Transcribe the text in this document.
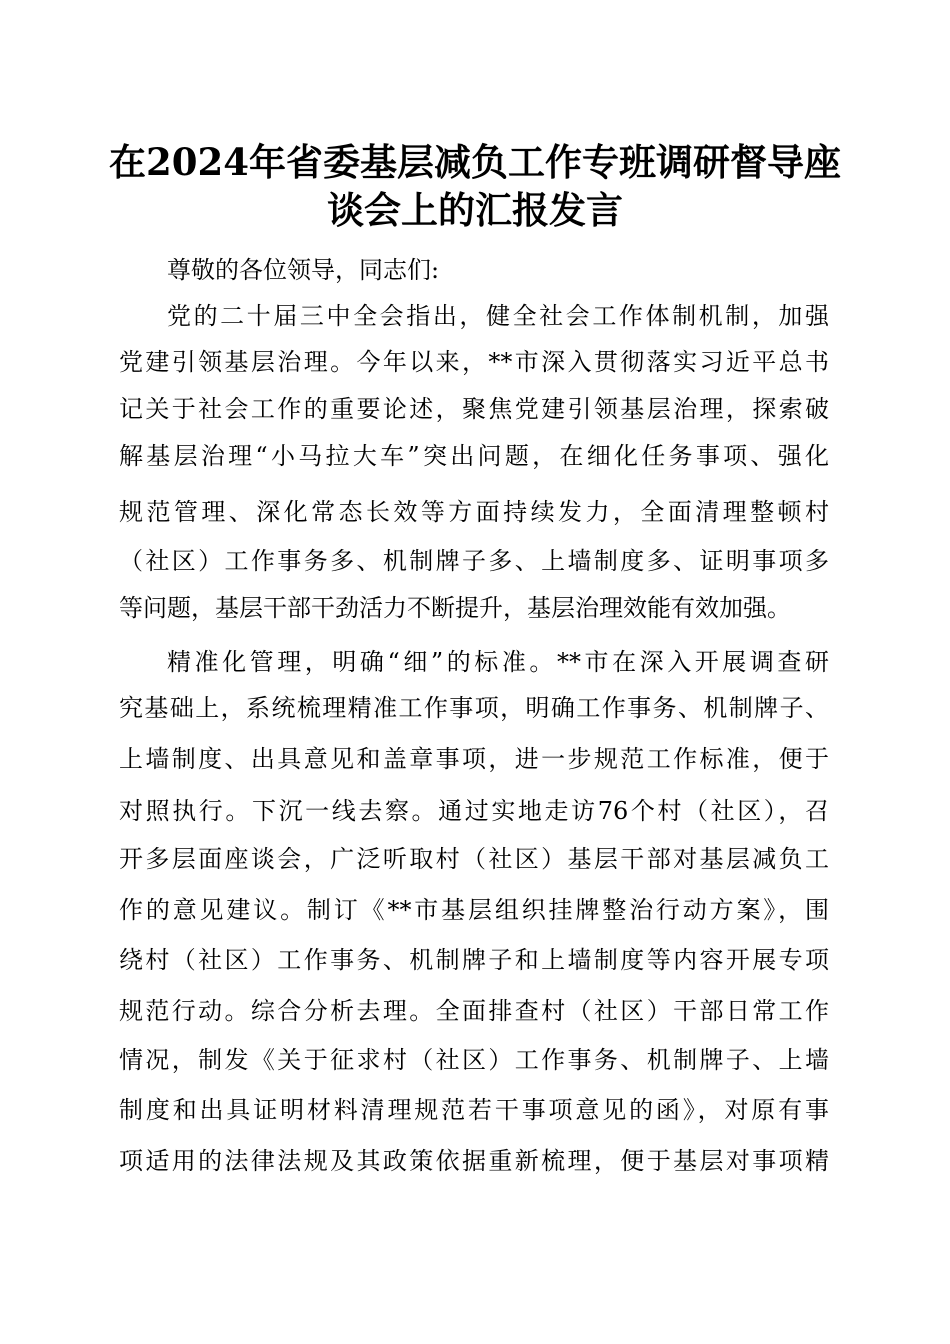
在2024年省委基层减负工作专班调研督导座
谈会上的汇报发言
尊敬的各位领导，同志们:
党的二十届三中全会指出，健全社会工作体制机制，加强
党建引领基层治理。今年以来，**市深入贯彻落实习近平总书
记关于社会工作的重要论述，聚焦党建引领基层治理，探索破
解基层治理“小马拉大车”突出问题，在细化任务事项、强化
规范管理、深化常态长效等方面持续发力，全面清理整顿村
（社区）工作事务多、机制牌子多、上墙制度多、证明事项多
等问题，基层干部干劲活力不断提升，基层治理效能有效加强。
精准化管理，明确“细”的标准。**市在深入开展调查研
究基础上，系统梳理精准工作事项，明确工作事务、机制牌子、
上墙制度、出具意见和盖章事项，进一步规范工作标准，便于
对照执行。下沉一线去察。通过实地走访76个村（社区），召
开多层面座谈会，广泛听取村（社区）基层干部对基层减负工
作的意见建议。制订《**市基层组织挂牌整治行动方案》，围
绕村（社区）工作事务、机制牌子和上墙制度等内容开展专项
规范行动。综合分析去理。全面排查村（社区）干部日常工作
情况，制发《关于征求村（社区）工作事务、机制牌子、上墙
制度和出具证明材料清理规范若干事项意见的函》，对原有事
项适用的法律法规及其政策依据重新梳理，便于基层对事项精
